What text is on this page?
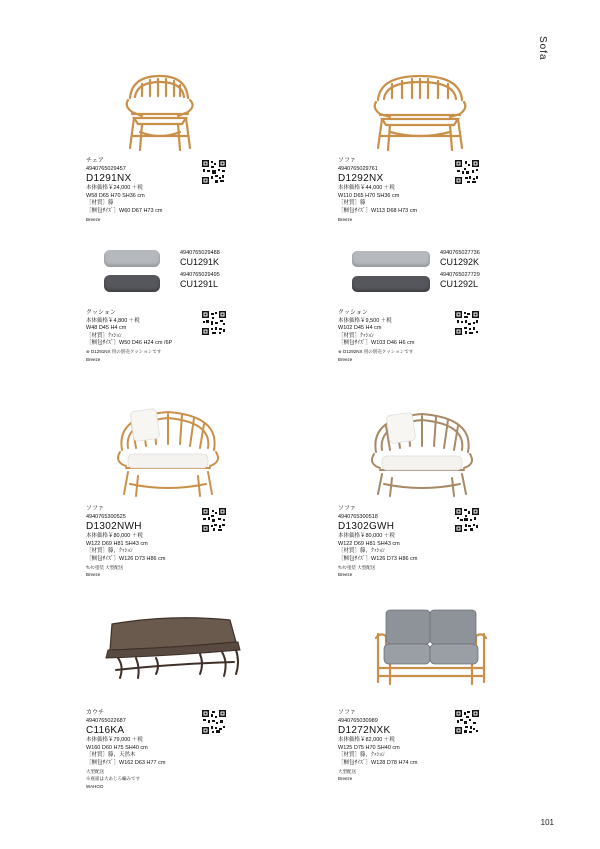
Sofa
チェア
4940765029457
D1291NX
本体価格￥24,000 ＋税
W58 D65 H70 SH36 cm
［材質］籐
［梱包ｻｲｽﾞ］W60 D67 H73 cm
Breeze
ソファ
4940765029761
D1292NX
本体価格￥44,000 ＋税
W110 D65 H70 SH36 cm
［材質］籐
［梱包ｻｲｽﾞ］W113 D68 H73 cm
Breeze
4940765029488
CU1291K
4940765029495
CU1291L
クッション
本体価格￥4,800 ＋税
W48 D45 H4 cm
［材質］ｸｯｼｮﾝ
［梱包ｻｲｽﾞ］W50 D46 H24 cm /6P
※ D1291NX 用の別売クッションです
Breeze
4940765027736
CU1292K
4940765027729
CU1292L
クッション
本体価格￥9,500 ＋税
W102 D45 H4 cm
［材質］ｸｯｼｮﾝ
［梱包ｻｲｽﾞ］W103 D46 H6 cm
※ D1292NX 用の別売クッションです
Breeze
ソファ
4940765300525
D1302NWH
本体価格￥80,000 ＋税
W122 D69 H81 SH43 cm
［材質］籐，ｸｯｼｮﾝ
［梱包ｻｲｽﾞ］W126 D73 H86 cm
ｳﾚﾀﾝ塗装 大型配送
Breeze
ソファ
4940765300518
D1302GWH
本体価格￥80,000 ＋税
W122 D69 H81 SH43 cm
［材質］籐，ｸｯｼｮﾝ
［梱包ｻｲｽﾞ］W126 D73 H86 cm
ｳﾚﾀﾝ塗装 大型配送
Breeze
カウチ
4940765022687
C116KA
本体価格￥79,000 ＋税
W160 D60 H75 SH40 cm
［材質］籐，天然木
［梱包ｻｲｽﾞ］W162 D63 H77 cm
大型配送
※座面は大あじろ編みです
WAHOO
ソファ
4940765030989
D1272NXK
本体価格￥82,000 ＋税
W125 D75 H70 SH40 cm
［材質］籐，ｸｯｼｮﾝ
［梱包ｻｲｽﾞ］W128 D78 H74 cm
大型配送
Breeze
101
